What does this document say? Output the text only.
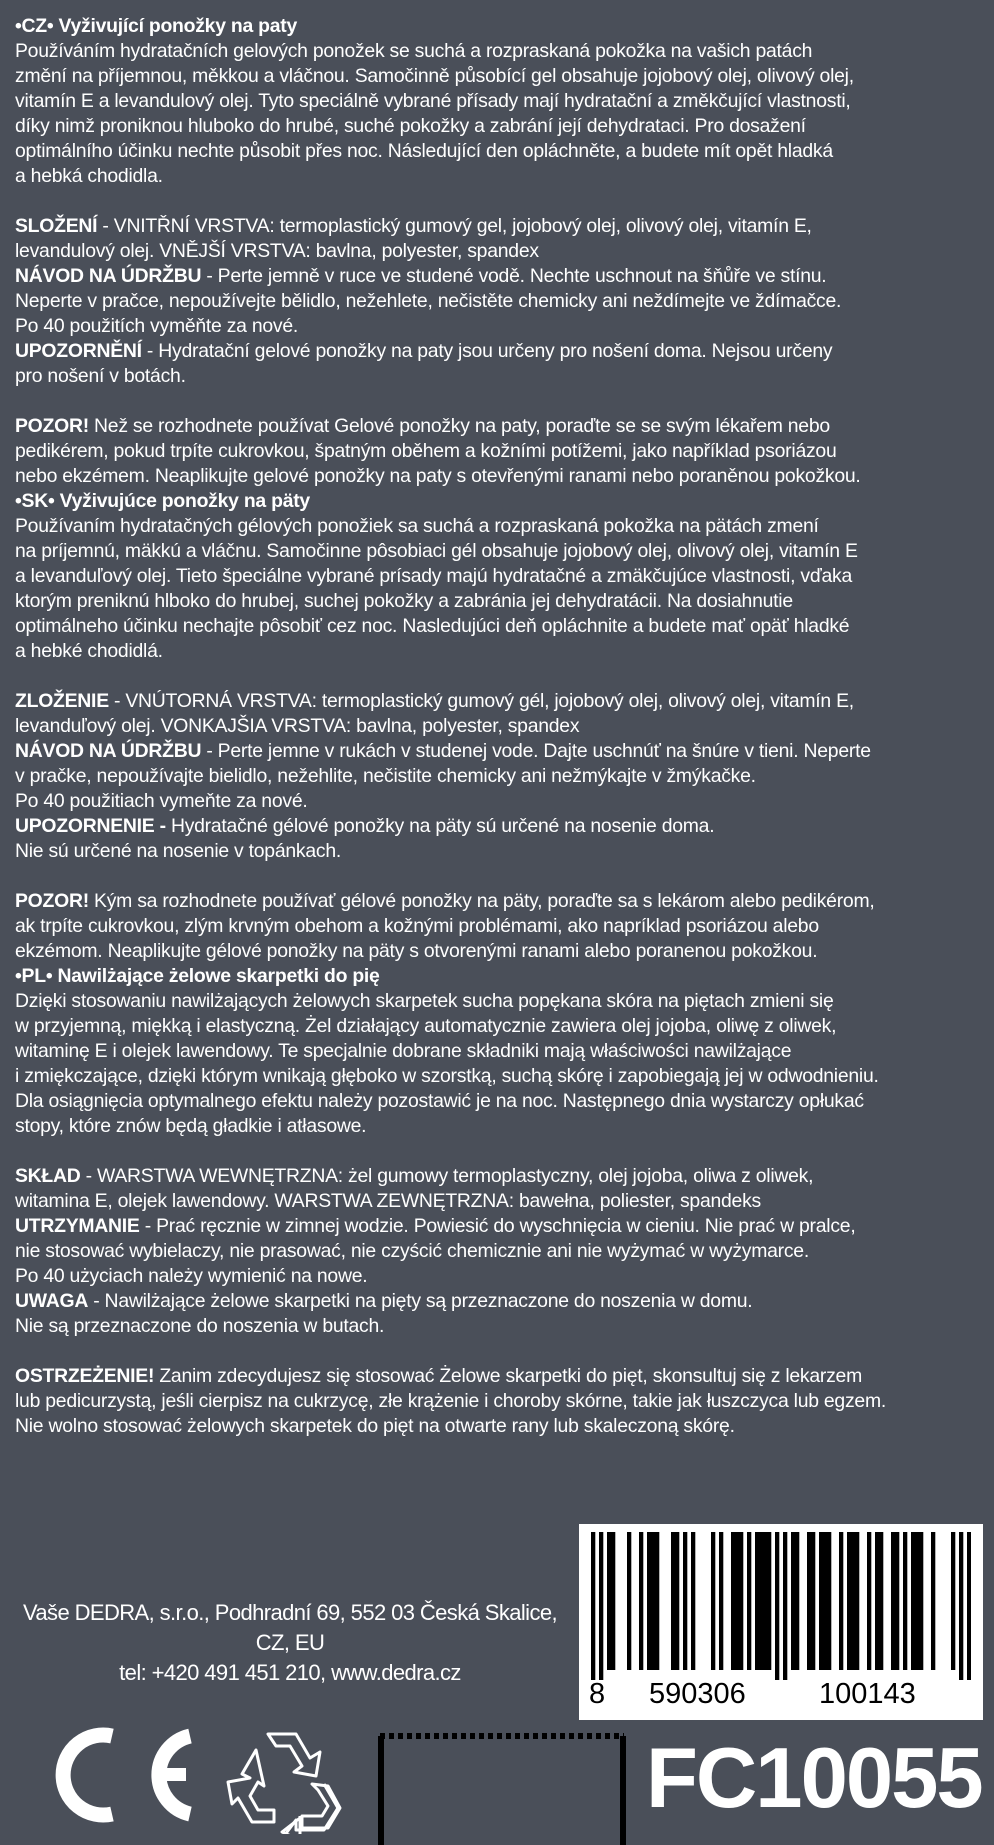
•CZ• Vyživující ponožky na paty

Používáním hydratačních gelových ponožek se suchá a rozpraskaná pokožka na vašich patách
změní na příjemnou, měkkou a vláčnou. Samočinně působící gel obsahuje jojobový olej, olivový olej,
vitamín E a levandulový olej. Tyto speciálně vybrané přísady mají hydratační a změkčující vlastnosti,
díky nimž proniknou hluboko do hrubé, suché pokožky a zabrání její dehydrataci. Pro dosažení
optimálního účinku nechte působit přes noc. Následující den opláchněte, a budete mít opět hladká
a hebká chodidla.

SLOŽENÍ - VNITŘNÍ VRSTVA: termoplastický gumový gel, jojobový olej, olivový olej, vitamín E,
levandulový olej. VNĚJŠÍ VRSTVA: bavlna, polyester, spandex

NÁVOD NA ÚDRŽBU - Perte jemně v ruce ve studené vodě. Nechte uschnout na šňůře ve stínu.
Neperte v pračce, nepoužívejte bělidlo, nežehlete, nečistěte chemicky ani neždímejte ve ždímačce.
Po 40 použitích vyměňte za nové.

UPOZORNĚNÍ - Hydratační gelové ponožky na paty jsou určeny pro nošení doma. Nejsou určeny
pro nošení v botách.

POZOR! Než se rozhodnete používat Gelové ponožky na paty, poraďte se se svým lékařem nebo
pedikérem, pokud trpíte cukrovkou, špatným oběhem a kožními potížemi, jako například psoriázou
nebo ekzémem. Neaplikujte gelové ponožky na paty s otevřenými ranami nebo poraněnou pokožkou.

•SK• Vyživujúce ponožky na päty

Používaním hydratačných gélových ponožiek sa suchá a rozpraskaná pokožka na pätách zmení
na príjemnú, mäkkú a vláčnu. Samočinne pôsobiaci gél obsahuje jojobový olej, olivový olej, vitamín E
a levanduľový olej. Tieto špeciálne vybrané prísady majú hydratačné a zmäkčujúce vlastnosti, vďaka
ktorým preniknú hlboko do hrubej, suchej pokožky a zabránia jej dehydratácii. Na dosiahnutie
optimálneho účinku nechajte pôsobiť cez noc. Nasledujúci deň opláchnite a budete mať opäť hladké
a hebké chodidlá.

ZLOŽENIE - VNÚTORNÁ VRSTVA: termoplastický gumový gél, jojobový olej, olivový olej, vitamín E,
levanduľový olej. VONKAJŠIA VRSTVA: bavlna, polyester, spandex

NÁVOD NA ÚDRŽBU - Perte jemne v rukách v studenej vode. Dajte uschnúť na šnúre v tieni. Neperte
v pračke, nepoužívajte bielidlo, nežehlite, nečistite chemicky ani nežmýkajte v žmýkačke.
Po 40 použitiach vymeňte za nové.

UPOZORNENIE - Hydratačné gélové ponožky na päty sú určené na nosenie doma.
Nie sú určené na nosenie v topánkach.

POZOR! Kým sa rozhodnete používať gélové ponožky na päty, poraďte sa s lekárom alebo pedikérom,
ak trpíte cukrovkou, zlým krvným obehom a kožnými problémami, ako napríklad psoriázou alebo
ekzémom. Neaplikujte gélové ponožky na päty s otvorenými ranami alebo poranenou pokožkou.

•PL• Nawilżające żelowe skarpetki do pię

Dzięki stosowaniu nawilżających żelowych skarpetek sucha popękana skóra na piętach zmieni się
w przyjemną, miękką i elastyczną. Żel działający automatycznie zawiera olej jojoba, oliwę z oliwek,
witaminę E i olejek lawendowy. Te specjalnie dobrane składniki mają właściwości nawilżające
i zmiękczające, dzięki którym wnikają głęboko w szorstką, suchą skórę i zapobiegają jej w odwodnieniu.
Dla osiągnięcia optymalnego efektu należy pozostawić je na noc. Następnego dnia wystarczy opłukać
stopy, które znów będą gładkie i atłasowe.

SKŁAD - WARSTWA WEWNĘTRZNA: żel gumowy termoplastyczny, olej jojoba, oliwa z oliwek,
witamina E, olejek lawendowy. WARSTWA ZEWNĘTRZNA: bawełna, poliester, spandeks

UTRZYMANIE - Prać ręcznie w zimnej wodzie. Powiesić do wyschnięcia w cieniu. Nie prać w pralce,
nie stosować wybielaczy, nie prasować, nie czyścić chemicznie ani nie wyżymać w wyżymarce.
Po 40 użyciach należy wymienić na nowe.

UWAGA - Nawilżające żelowe skarpetki na pięty są przeznaczone do noszenia w domu.
Nie są przeznaczone do noszenia w butach.

OSTRZEŻENIE! Zanim zdecydujesz się stosować Żelowe skarpetki do pięt, skonsultuj się z lekarzem
lub pedicurzystą, jeśli cierpisz na cukrzycę, złe krążenie i choroby skórne, takie jak łuszczyca lub egzem.
Nie wolno stosować żelowych skarpetek do pięt na otwarte rany lub skaleczoną skórę.

Vaše DEDRA, s.r.o., Podhradní 69, 552 03 Česká Skalice, CZ, EU

tel: +420 491 451 210, www.dedra.cz

8 590306	100143
FC10055
